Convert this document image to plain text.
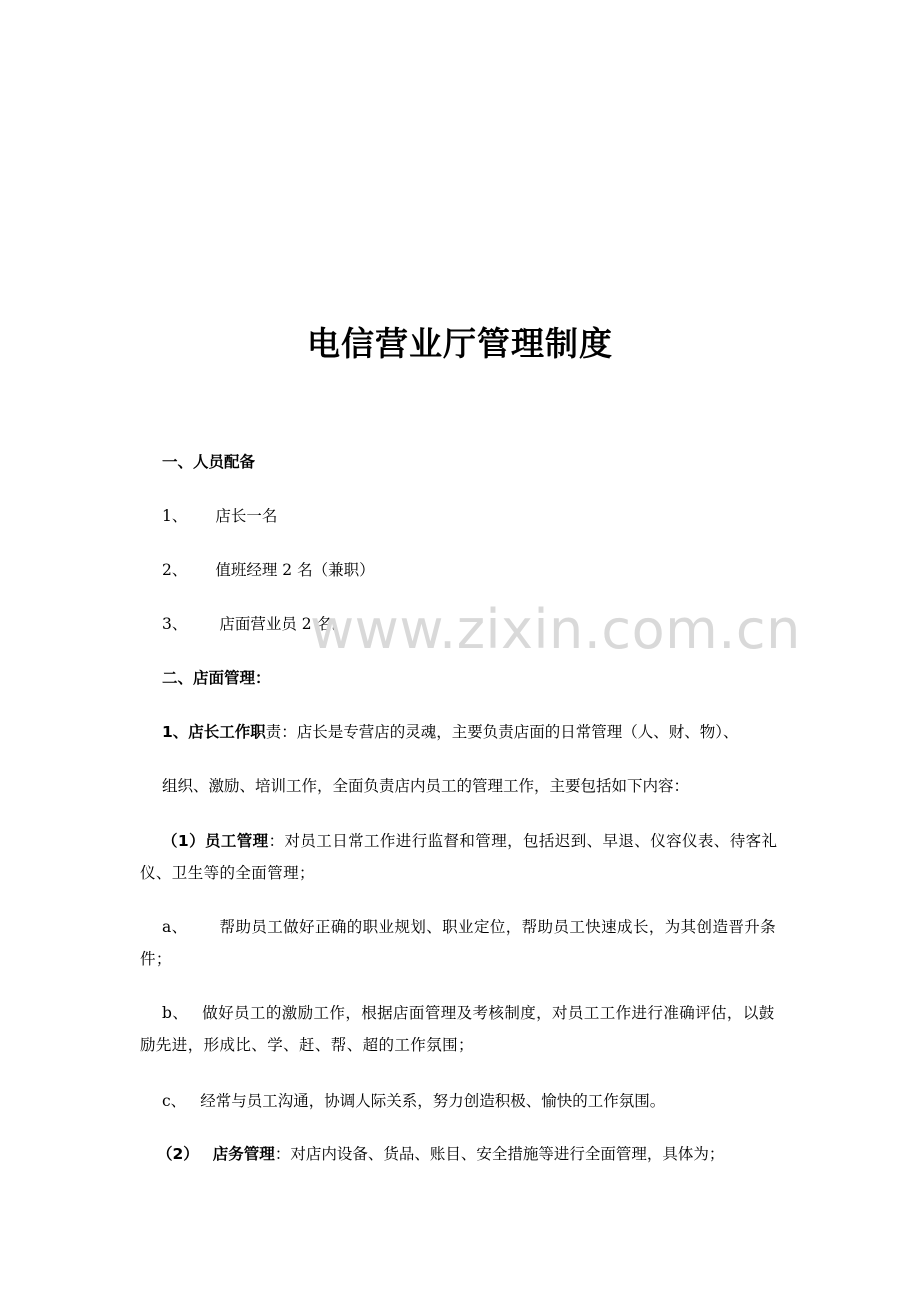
电信营业厅管理制度
一、人员配备
1、 店长一名
2、 值班经理 2 名（兼职）
3、 店面营业员 2 名。
二、店面管理：
1、店长工作职责：店长是专营店的灵魂，主要负责店面的日常管理（人、财、物）、
组织、激励、培训工作，全面负责店内员工的管理工作，主要包括如下内容：
（1）员工管理：对员工日常工作进行监督和管理，包括迟到、早退、仪容仪表、待客礼仪、卫生等的全面管理；
a、 帮助员工做好正确的职业规划、职业定位，帮助员工快速成长，为其创造晋升条件；
b、 做好员工的激励工作，根据店面管理及考核制度，对员工工作进行准确评估，以鼓励先进，形成比、学、赶、帮、超的工作氛围；
c、 经常与员工沟通，协调人际关系，努力创造积极、愉快的工作氛围。
（2） 店务管理：对店内设备、货品、账目、安全措施等进行全面管理，具体为；
www.zixin.com.cn
